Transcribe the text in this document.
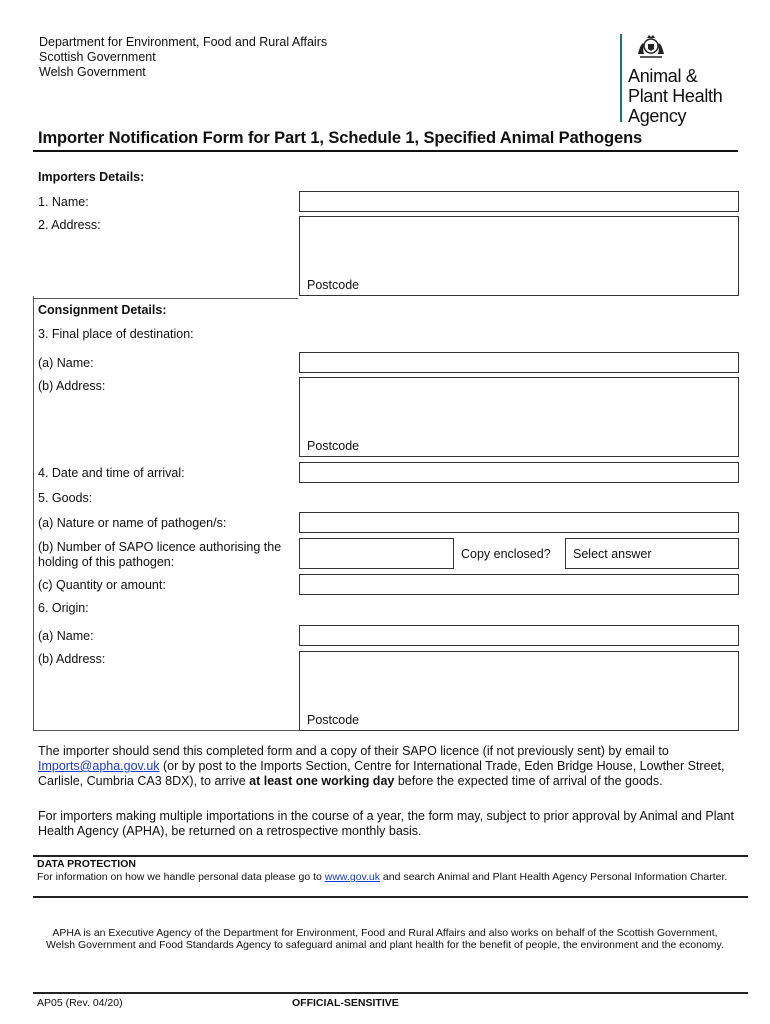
Department for Environment, Food and Rural Affairs
Scottish Government
Welsh Government	Animal &
Plant Health
Agency
Importer Notification Form for Part 1, Schedule 1, Specified Animal Pathogens
Importers Details:
1. Name:
2. Address:
Postcode
Consignment Details:
3. Final place of destination:
(a) Name:
(b) Address:
Postcode
4. Date and time of arrival:
5. Goods:
(a) Nature or name of pathogen/s:
(b) Number of SAPO licence authorising the holding of this pathogen:
Copy enclosed?	Select answer
(c) Quantity or amount:
6. Origin:
(a) Name:
(b) Address:
Postcode
The importer should send this completed form and a copy of their SAPO licence (if not previously sent) by email to Imports@apha.gov.uk (or by post to the Imports Section, Centre for International Trade, Eden Bridge House, Lowther Street, Carlisle, Cumbria CA3 8DX), to arrive at least one working day before the expected time of arrival of the goods.
For importers making multiple importations in the course of a year, the form may, subject to prior approval by Animal and Plant Health Agency (APHA), be returned on a retrospective monthly basis.
DATA PROTECTION
For information on how we handle personal data please go to www.gov.uk and search Animal and Plant Health Agency Personal Information Charter.
APHA is an Executive Agency of the Department for Environment, Food and Rural Affairs and also works on behalf of the Scottish Government, Welsh Government and Food Standards Agency to safeguard animal and plant health for the benefit of people, the environment and the economy.
AP05 (Rev. 04/20)	OFFICIAL-SENSITIVE
